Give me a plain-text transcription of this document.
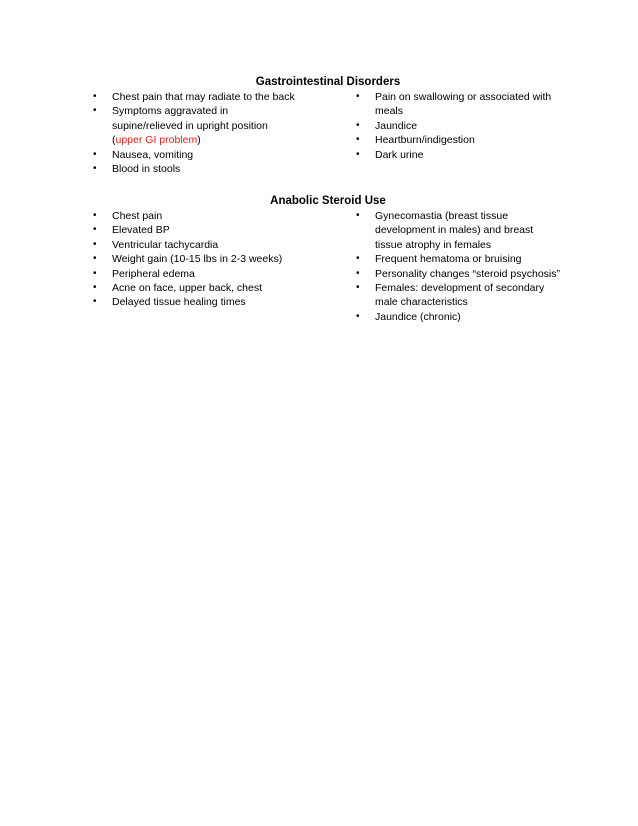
Gastrointestinal Disorders
• Chest pain that may radiate to the back
• Symptoms aggravated in
supine/relieved in upright position
(upper GI problem)
• Nausea, vomiting
• Blood in stools
• Pain on swallowing or associated with
meals
• Jaundice
• Heartburn/indigestion
• Dark urine
Anabolic Steroid Use
• Chest pain
• Elevated BP
• Ventricular tachycardia
• Weight gain (10-15 lbs in 2-3 weeks)
• Peripheral edema
• Acne on face, upper back, chest
• Delayed tissue healing times
• Gynecomastia (breast tissue
development in males) and breast
tissue atrophy in females
• Frequent hematoma or bruising
• Personality changes “steroid psychosis”
• Females: development of secondary
male characteristics
• Jaundice (chronic)
